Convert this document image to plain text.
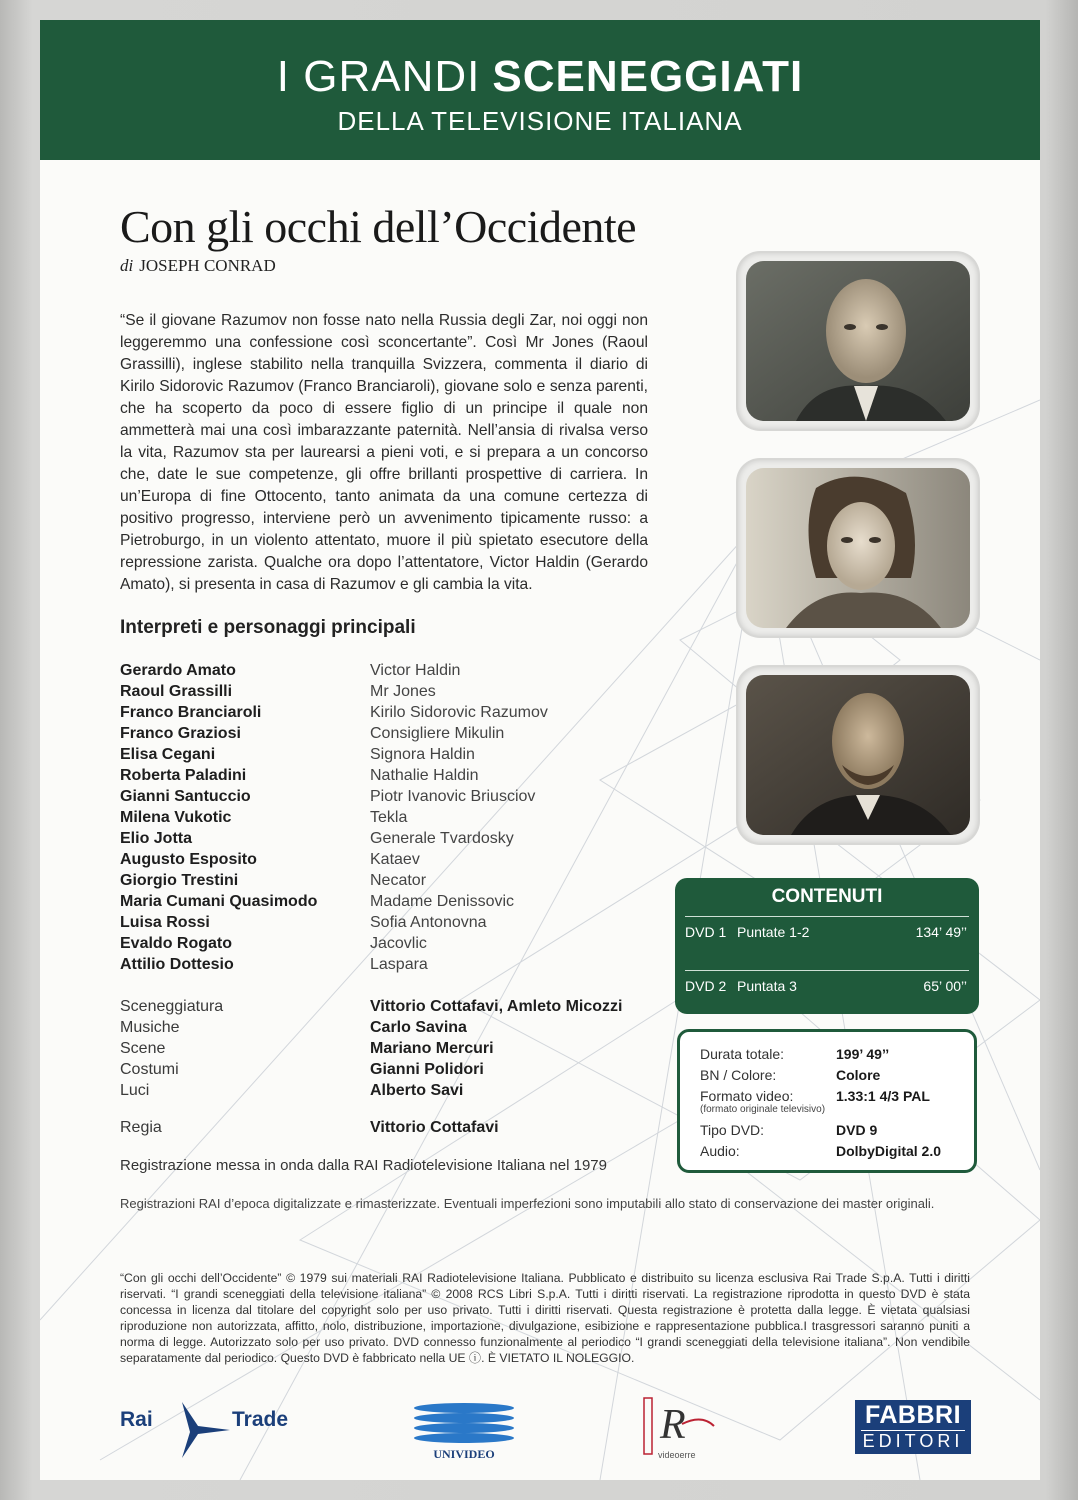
I GRANDI SCENEGGIATI
DELLA TELEVISIONE ITALIANA
Con gli occhi dell’Occidente
di JOSEPH CONRAD
“Se il giovane Razumov non fosse nato nella Russia degli Zar, noi oggi non leggeremmo una confessione così sconcertante”. Così Mr Jones (Raoul Grassilli), inglese stabilito nella tranquilla Svizzera, commenta il diario di Kirilo Sidorovic Razumov (Franco Branciaroli), giovane solo e senza parenti, che ha scoperto da poco di essere figlio di un principe il quale non ammetterà mai una così imbarazzante paternità. Nell’ansia di rivalsa verso la vita, Razumov sta per laurearsi a pieni voti, e si prepara a un concorso che, date le sue competenze, gli offre brillanti prospettive di carriera. In un’Europa di fine Ottocento, tanto animata da una comune certezza di positivo progresso, interviene però un avvenimento tipicamente russo: a Pietroburgo, in un violento attentato, muore il più spietato esecutore della repressione zarista. Qualche ora dopo l’attentatore, Victor Haldin (Gerardo Amato), si presenta in casa di Razumov e gli cambia la vita.
Interpreti e personaggi principali
Gerardo Amato	Victor Haldin
Raoul Grassilli	Mr Jones
Franco Branciaroli	Kirilo Sidorovic Razumov
Franco Graziosi	Consigliere Mikulin
Elisa Cegani	Signora Haldin
Roberta Paladini	Nathalie Haldin
Gianni Santuccio	Piotr Ivanovic Briusciov
Milena Vukotic	Tekla
Elio Jotta	Generale Tvardosky
Augusto Esposito	Kataev
Giorgio Trestini	Necator
Maria Cumani Quasimodo	Madame Denissovic
Luisa Rossi	Sofia Antonovna
Evaldo Rogato	Jacovlic
Attilio Dottesio	Laspara
Sceneggiatura	Vittorio Cottafavi, Amleto Micozzi
Musiche	Carlo Savina
Scene	Mariano Mercuri
Costumi	Gianni Polidori
Luci	Alberto Savi
Regia	Vittorio Cottafavi
Registrazione messa in onda dalla RAI Radiotelevisione Italiana nel 1979
Registrazioni RAI d’epoca digitalizzate e rimasterizzate. Eventuali imperfezioni sono imputabili allo stato di conservazione dei master originali.
“Con gli occhi dell’Occidente” © 1979 sui materiali RAI Radiotelevisione Italiana. Pubblicato e distribuito su licenza esclusiva Rai Trade S.p.A. Tutti i diritti riservati. “I grandi sceneggiati della televisione italiana” © 2008 RCS Libri S.p.A. Tutti i diritti riservati. La registrazione riprodotta in questo DVD è stata concessa in licenza dal titolare del copyright solo per uso privato. Tutti i diritti riservati. Questa registrazione è protetta dalla legge. È vietata qualsiasi riproduzione non autorizzata, affitto, nolo, distribuzione, importazione, divulgazione, esibizione e rappresentazione pubblica.I trasgressori saranno puniti a norma di legge. Autorizzato solo per uso privato. DVD connesso funzionalmente al periodico “I grandi sceneggiati della televisione italiana”. Non vendibile separatamente dal periodico. Questo DVD è fabbricato nella UE ⓘ. È VIETATO IL NOLEGGIO.
CONTENUTI
DVD 1 Puntate 1-2	134’ 49’’
DVD 2 Puntata 3	65’ 00’’
Durata totale:	199’ 49’’
BN / Colore:	Colore
Formato video:	1.33:1 4/3 PAL
(formato originale televisivo)
Tipo DVD:	DVD 9
Audio:	DolbyDigital 2.0
Rai	Trade
UNIVIDEO
R
videoerre
FABBRI
EDITORI
